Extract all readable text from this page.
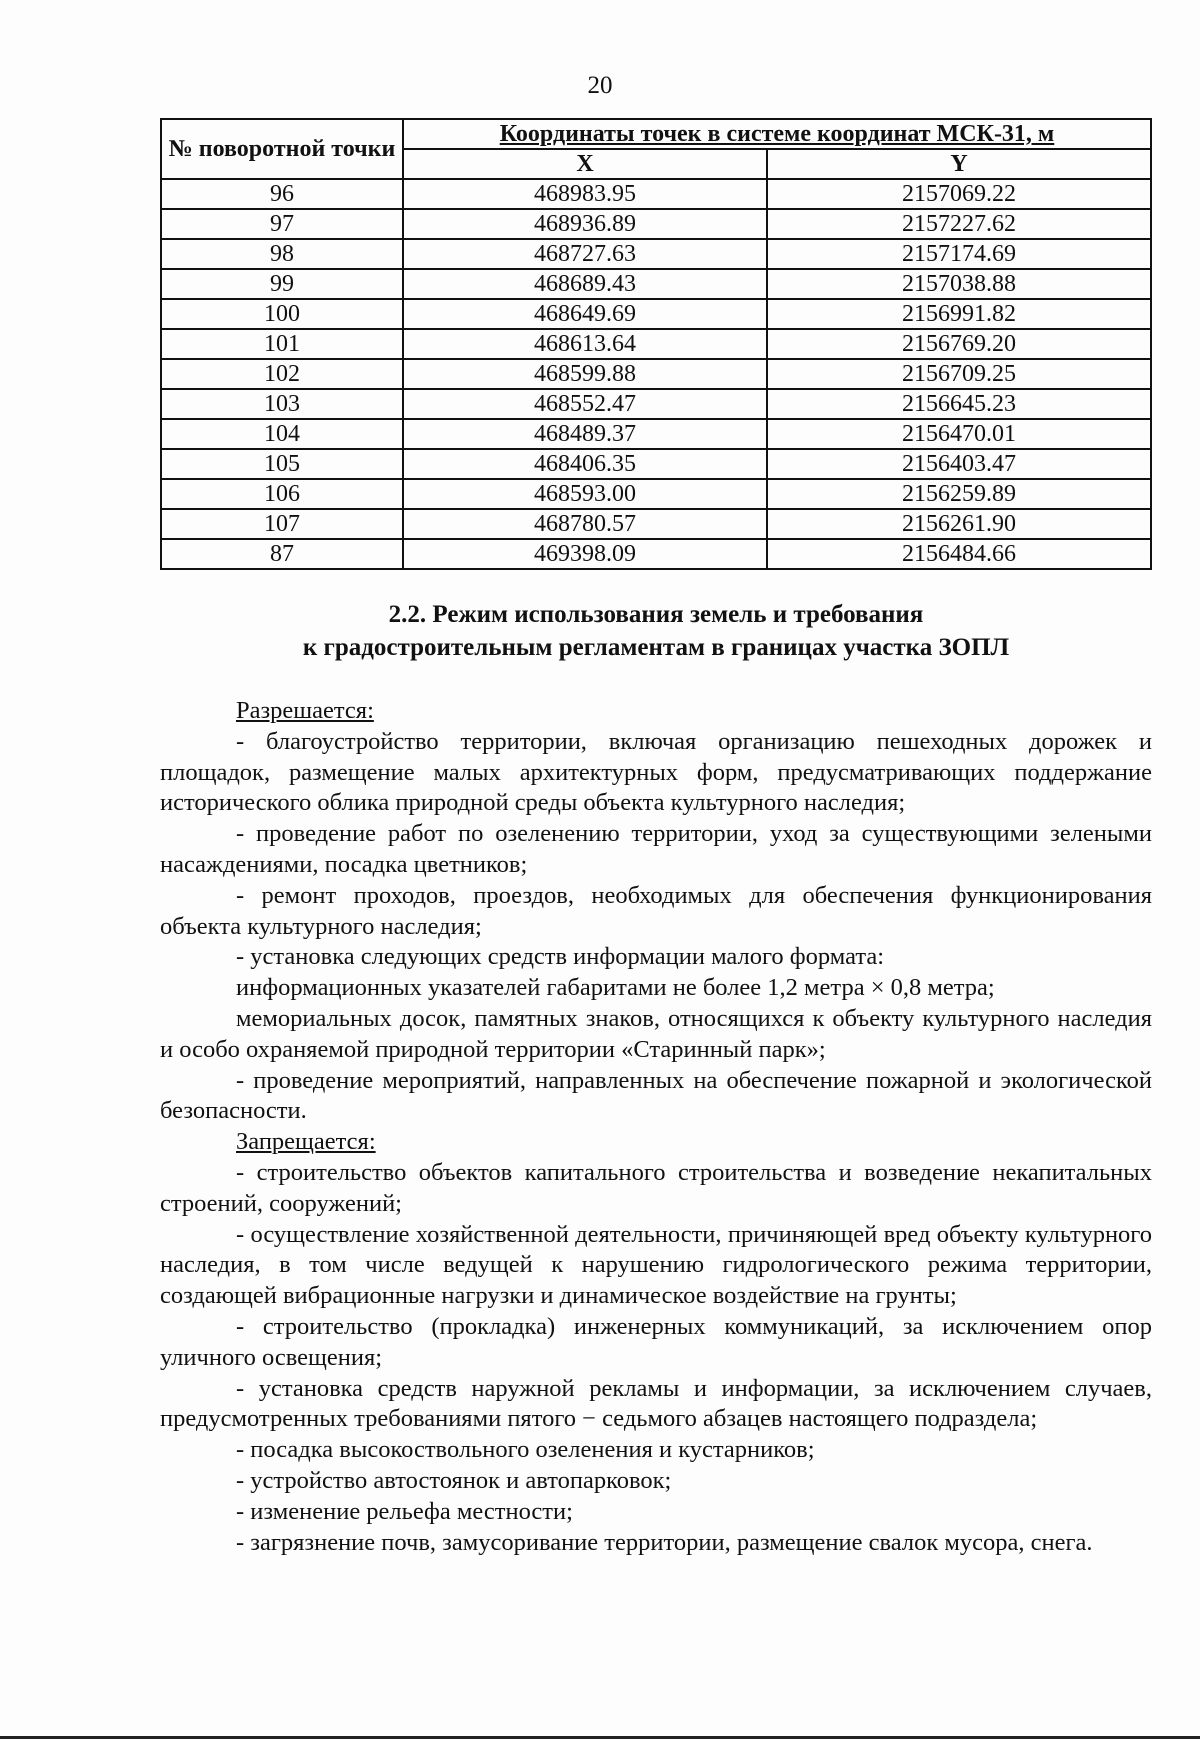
20
№ поворотной точки	Координаты точек в системе координат МСК-31, м	
	X	Y
96	468983.95	2157069.22
97	468936.89	2157227.62
98	468727.63	2157174.69
99	468689.43	2157038.88
100	468649.69	2156991.82
101	468613.64	2156769.20
102	468599.88	2156709.25
103	468552.47	2156645.23
104	468489.37	2156470.01
105	468406.35	2156403.47
106	468593.00	2156259.89
107	468780.57	2156261.90
87	469398.09	2156484.66
2.2. Режим использования земель и требования
к градостроительным регламентам в границах участка ЗОПЛ

Разрешается:

- благоустройство территории, включая организацию пешеходных дорожек и площадок, размещение малых архитектурных форм, предусматривающих поддержание исторического облика природной среды объекта культурного наследия;

- проведение работ по озеленению территории, уход за существующими зелеными насаждениями, посадка цветников;

- ремонт проходов, проездов, необходимых для обеспечения функционирования объекта культурного наследия;

- установка следующих средств информации малого формата:

информационных указателей габаритами не более 1,2 метра × 0,8 метра;

мемориальных досок, памятных знаков, относящихся к объекту культурного наследия и особо охраняемой природной территории «Старинный парк»;

- проведение мероприятий, направленных на обеспечение пожарной и экологической безопасности.

Запрещается:

- строительство объектов капитального строительства и возведение некапитальных строений, сооружений;

- осуществление хозяйственной деятельности, причиняющей вред объекту культурного наследия, в том числе ведущей к нарушению гидрологического режима территории, создающей вибрационные нагрузки и динамическое воздействие на грунты;

- строительство (прокладка) инженерных коммуникаций, за исключением опор уличного освещения;

- установка средств наружной рекламы и информации, за исключением случаев, предусмотренных требованиями пятого − седьмого абзацев настоящего подраздела;

- посадка высокоствольного озеленения и кустарников;

- устройство автостоянок и автопарковок;

- изменение рельефа местности;

- загрязнение почв, замусоривание территории, размещение свалок мусора, снега.
